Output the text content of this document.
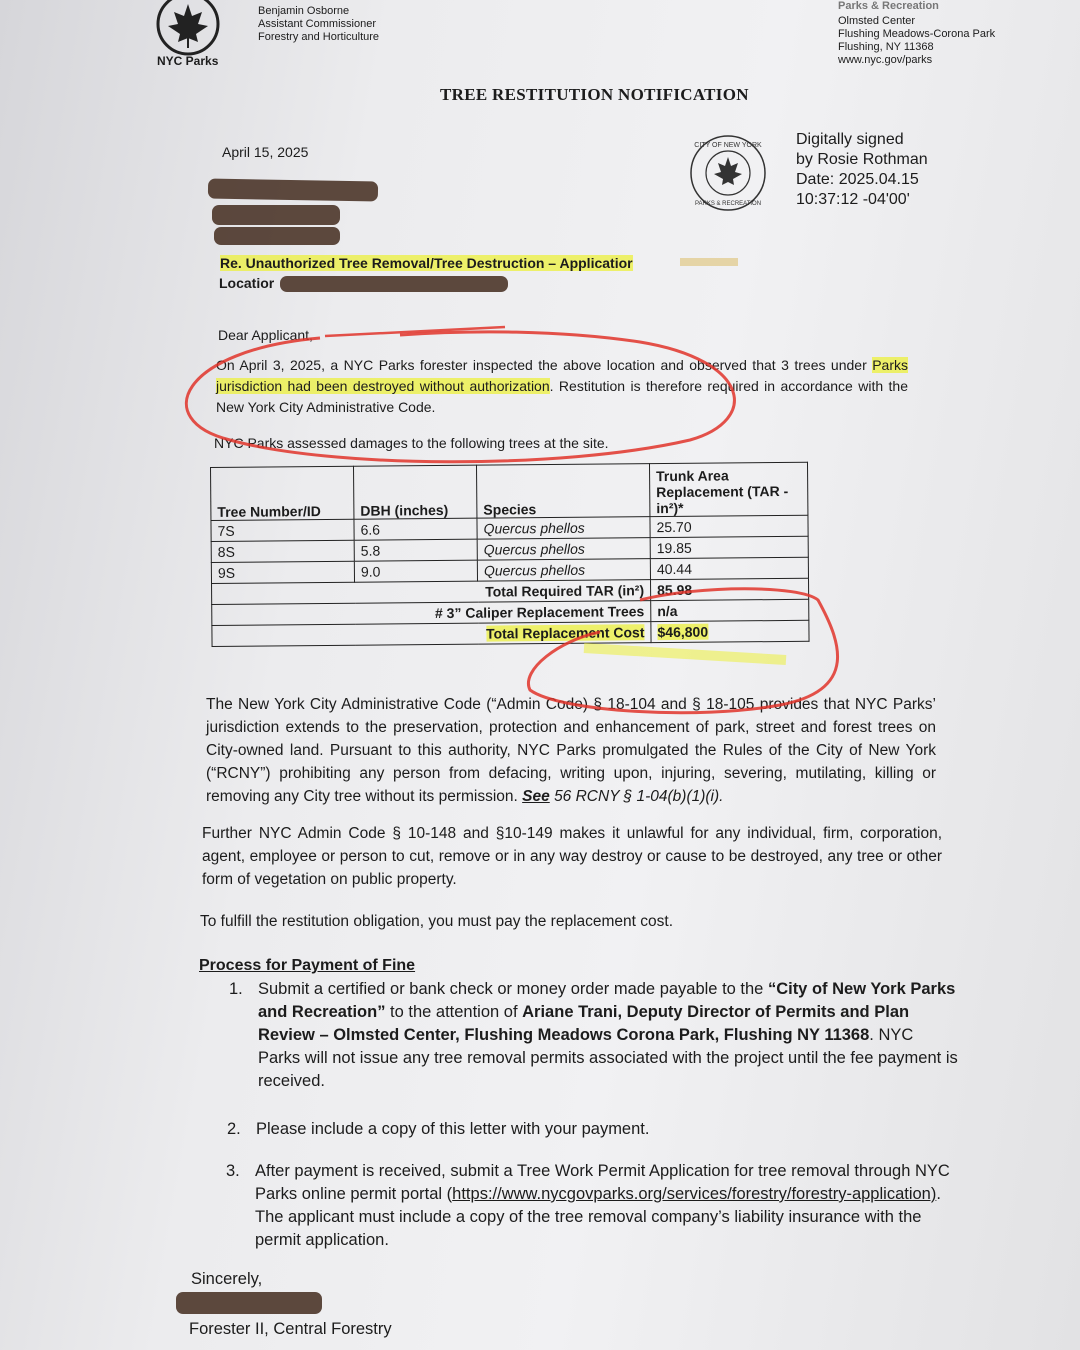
NYC Parks
Benjamin Osborne
Assistant Commissioner
Forestry and Horticulture
Parks & Recreation
Olmsted Center
Flushing Meadows-Corona Park
Flushing, NY 11368
www.nyc.gov/parks
TREE RESTITUTION NOTIFICATION
April 15, 2025	CITY OF NEW YORK
PARKS & RECREATION
Digitally signed
by Rosie Rothman
Date: 2025.04.15
10:37:12 -04'00'
Re. Unauthorized Tree Removal/Tree Destruction – Applicatior
Locatior
Dear Applicant,
On April 3, 2025, a NYC Parks forester inspected the above location and observed that 3 trees under Parks jurisdiction had been destroyed without authorization. Restitution is therefore required in accordance with the New York City Administrative Code.
NYC Parks assessed damages to the following trees at the site.
Tree Number/ID	DBH (inches)	Species	Trunk Area Replacement (TAR - in²)*
7S	6.6	Quercus phellos	25.70
8S	5.8	Quercus phellos	19.85
9S	9.0	Quercus phellos	40.44
Total Required TAR (in²)			85.98
# 3” Caliper Replacement Trees			n/a
Total Replacement Cost			$46,800
The New York City Administrative Code (“Admin Code) § 18-104 and § 18-105 provides that NYC Parks’ jurisdiction extends to the preservation, protection and enhancement of park, street and forest trees on City-owned land. Pursuant to this authority, NYC Parks promulgated the Rules of the City of New York (“RCNY”) prohibiting any person from defacing, writing upon, injuring, severing, mutilating, killing or removing any City tree without its permission. See 56 RCNY § 1-04(b)(1)(i).
Further NYC Admin Code § 10-148 and §10-149 makes it unlawful for any individual, firm, corporation, agent, employee or person to cut, remove or in any way destroy or cause to be destroyed, any tree or other form of vegetation on public property.
To fulfill the restitution obligation, you must pay the replacement cost.
Process for Payment of Fine
1. Submit a certified or bank check or money order made payable to the “City of New York Parks and Recreation” to the attention of Ariane Trani, Deputy Director of Permits and Plan Review – Olmsted Center, Flushing Meadows Corona Park, Flushing NY 11368. NYC Parks will not issue any tree removal permits associated with the project until the fee payment is received.
2. Please include a copy of this letter with your payment.
3. After payment is received, submit a Tree Work Permit Application for tree removal through NYC Parks online permit portal (https://www.nycgovparks.org/services/forestry/forestry-application). The applicant must include a copy of the tree removal company’s liability insurance with the permit application.
Sincerely,
Forester II, Central Forestry
